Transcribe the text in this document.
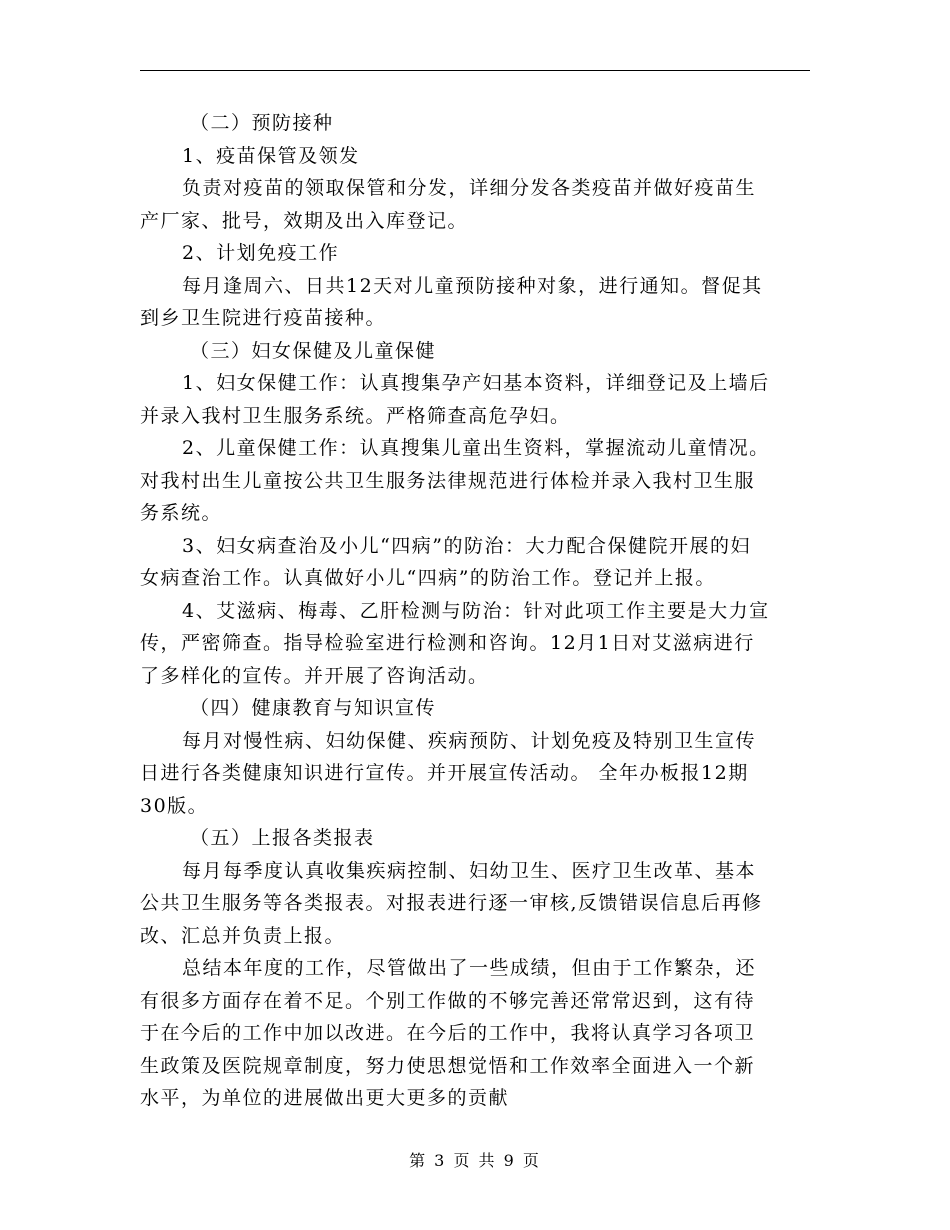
（二）预防接种
1、疫苗保管及领发
负责对疫苗的领取保管和分发，详细分发各类疫苗并做好疫苗生
产厂家、批号，效期及出入库登记。
2、计划免疫工作
每月逢周六、日共12天对儿童预防接种对象，进行通知。督促其
到乡卫生院进行疫苗接种。
（三）妇女保健及儿童保健
1、妇女保健工作：认真搜集孕产妇基本资料，详细登记及上墙后
并录入我村卫生服务系统。严格筛查高危孕妇。
2、儿童保健工作：认真搜集儿童出生资料，掌握流动儿童情况。
对我村出生儿童按公共卫生服务法律规范进行体检并录入我村卫生服
务系统。
3、妇女病查治及小儿“四病”的防治：大力配合保健院开展的妇
女病查治工作。认真做好小儿“四病”的防治工作。登记并上报。
4、艾滋病、梅毒、乙肝检测与防治：针对此项工作主要是大力宣
传，严密筛查。指导检验室进行检测和咨询。12月1日对艾滋病进行
了多样化的宣传。并开展了咨询活动。
（四）健康教育与知识宣传
每月对慢性病、妇幼保健、疾病预防、计划免疫及特别卫生宣传
日进行各类健康知识进行宣传。并开展宣传活动。 全年办板报12期
30版。
（五）上报各类报表
每月每季度认真收集疾病控制、妇幼卫生、医疗卫生改革、基本
公共卫生服务等各类报表。对报表进行逐一审核,反馈错误信息后再修
改、汇总并负责上报。
总结本年度的工作，尽管做出了一些成绩，但由于工作繁杂，还
有很多方面存在着不足。个别工作做的不够完善还常常迟到，这有待
于在今后的工作中加以改进。在今后的工作中，我将认真学习各项卫
生政策及医院规章制度，努力使思想觉悟和工作效率全面进入一个新
水平，为单位的进展做出更大更多的贡献
第 3 页 共 9 页
